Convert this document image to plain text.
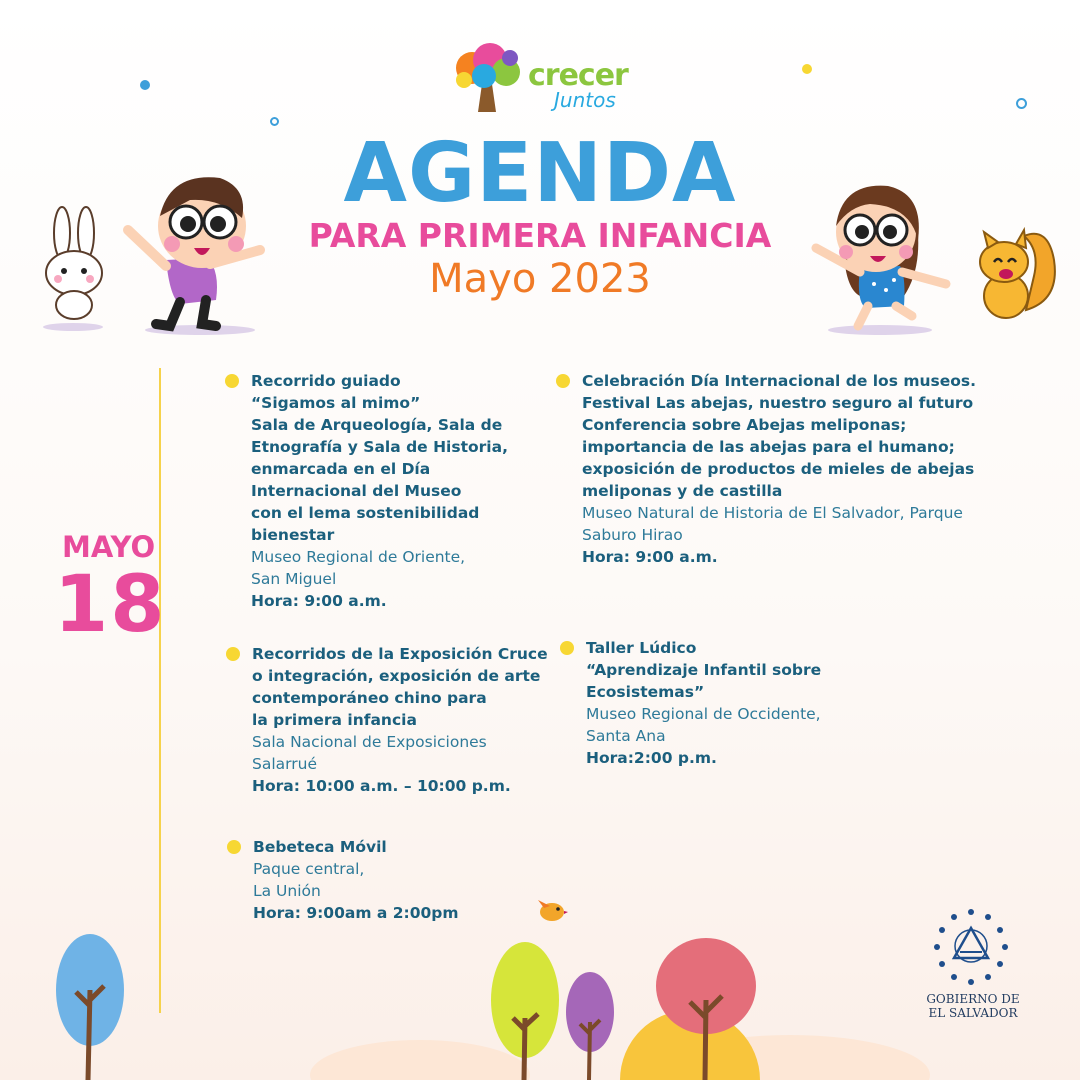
crecer
Juntos
AGENDA
PARA PRIMERA INFANCIA
Mayo 2023
MAYO
18
Recorrido guiado
“Sigamos al mimo”
Sala de Arqueología, Sala de
Etnografía y Sala de Historia,
enmarcada en el Día
Internacional del Museo
con el lema sostenibilidad
bienestar
Museo Regional de Oriente,
San Miguel
Hora: 9:00 a.m.
Celebración Día Internacional de los museos.
Festival Las abejas, nuestro seguro al futuro
Conferencia sobre Abejas meliponas;
importancia de las abejas para el humano;
exposición de productos de mieles de abejas
meliponas y de castilla
Museo Natural de Historia de El Salvador, Parque
Saburo Hirao
Hora: 9:00 a.m.
Recorridos de la Exposición Cruce
o integración, exposición de arte
contemporáneo chino para
la primera infancia
Sala Nacional de Exposiciones
Salarrué
Hora: 10:00 a.m. – 10:00 p.m.
Taller Lúdico
“Aprendizaje Infantil sobre
Ecosistemas”
Museo Regional de Occidente,
Santa Ana
Hora:2:00 p.m.
Bebeteca Móvil
Paque central,
La Unión
Hora: 9:00am a 2:00pm
GOBIERNO DE
EL SALVADOR
